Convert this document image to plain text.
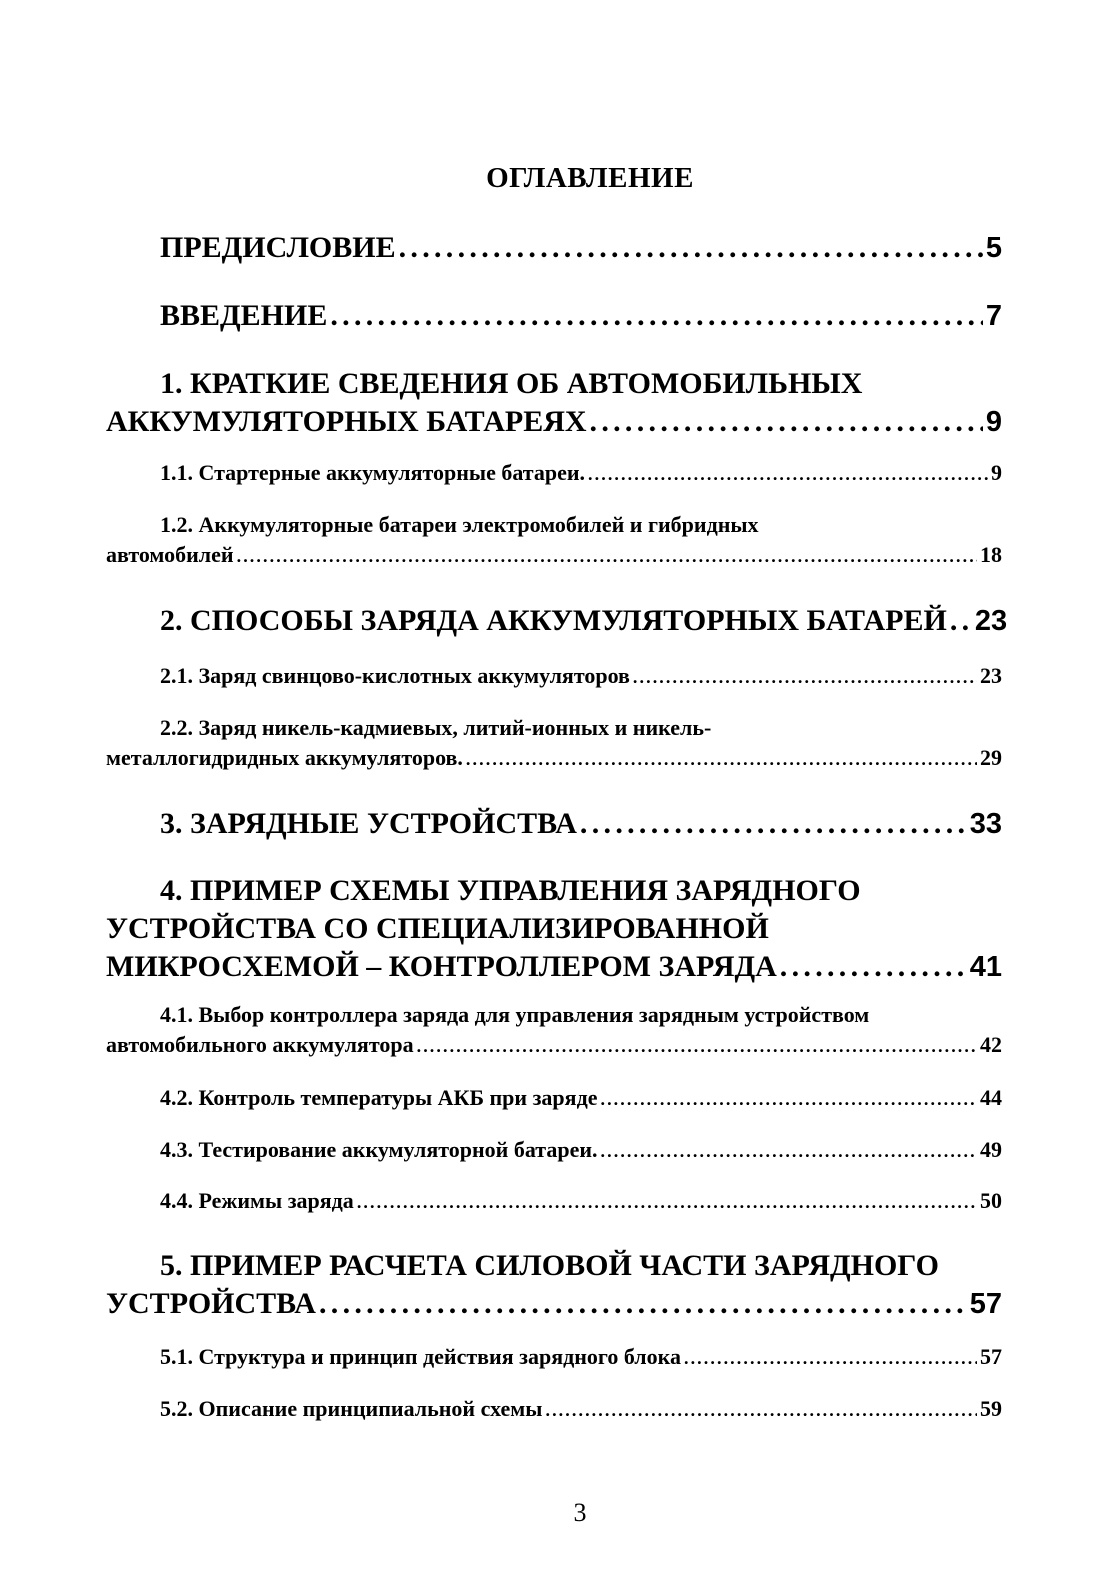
ОГЛАВЛЕНИЕ
ПРЕДИСЛОВИЕ . . .	5
ВВЕДЕНИЕ . . .	7
1. КРАТКИЕ СВЕДЕНИЯ ОБ АВТОМОБИЛЬНЫХ
АККУМУЛЯТОРНЫХ БАТАРЕЯХ . . .	9
1.1. Стартерные аккумуляторные батареи. . . .	9
1.2. Аккумуляторные батареи электромобилей и гибридных
автомобилей . . .	18
2. СПОСОБЫ ЗАРЯДА АККУМУЛЯТОРНЫХ БАТАРЕЙ . . . 23
2.1. Заряд свинцово-кислотных аккумуляторов . . .	23
2.2. Заряд никель-кадмиевых, литий-ионных и никель-
металлогидридных аккумуляторов. . . .	29
3. ЗАРЯДНЫЕ УСТРОЙСТВА . . .	33
4. ПРИМЕР СХЕМЫ УПРАВЛЕНИЯ ЗАРЯДНОГО
УСТРОЙСТВА СО СПЕЦИАЛИЗИРОВАННОЙ
МИКРОСХЕМОЙ – КОНТРОЛЛЕРОМ ЗАРЯДА . . .	41
4.1. Выбор контроллера заряда для управления зарядным устройством
автомобильного аккумулятора . . .	42
4.2. Контроль температуры АКБ при заряде . . .	44
4.3. Тестирование аккумуляторной батареи. . . .	49
4.4. Режимы заряда . . .	50
5. ПРИМЕР РАСЧЕТА СИЛОВОЙ ЧАСТИ ЗАРЯДНОГО
УСТРОЙСТВА . . .	57
5.1. Структура и принцип действия зарядного блока . . .	57
5.2. Описание принципиальной схемы . . .	59
3
